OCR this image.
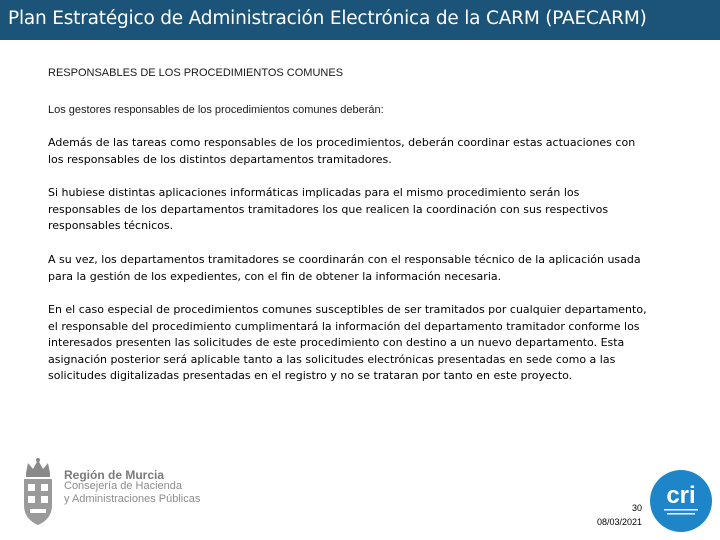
Plan Estratégico de Administración Electrónica de la CARM (PAECARM)
RESPONSABLES DE LOS PROCEDIMIENTOS COMUNES
Los gestores responsables de los procedimientos comunes deberán:
Además de las tareas como responsables de los procedimientos, deberán coordinar estas actuaciones con los responsables de los distintos departamentos tramitadores.
Si hubiese distintas aplicaciones informáticas implicadas para el mismo procedimiento serán los responsables de los departamentos tramitadores los que realicen la coordinación con sus respectivos responsables técnicos.
A su vez, los departamentos tramitadores se coordinarán con el responsable técnico de la aplicación usada para la gestión de los expedientes, con el fin de obtener la información necesaria.
En el caso especial de procedimientos comunes susceptibles de ser tramitados por cualquier departamento, el responsable del procedimiento cumplimentará la información del departamento tramitador conforme los interesados presenten las solicitudes de este procedimiento con destino a un nuevo departamento. Esta asignación posterior será aplicable tanto a las solicitudes electrónicas presentadas en sede como a las solicitudes digitalizadas presentadas en el registro y no se trataran por tanto en este proyecto.
Región de Murcia
Consejería de Hacienda
y Administraciones Públicas
30
08/03/2021
cri
